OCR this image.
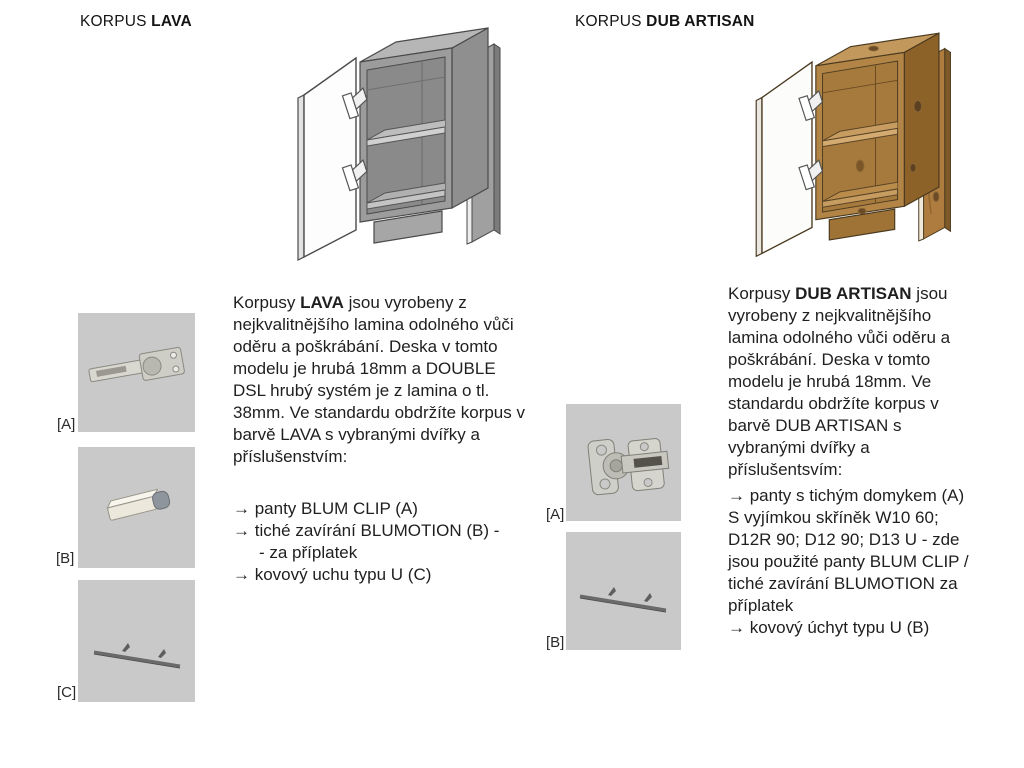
KORPUS LAVA
[A]
[B]
[C]
Korpusy LAVA jsou vyrobeny z nejkvalitnějšího lamina odolného vůči oděru a poškrábání. Deska v tomto modelu je hrubá 18mm a DOUBLE DSL hrubý systém je z lamina o tl. 38mm. Ve standardu obdržíte korpus v barvě LAVA s vybranými dvířky a příslušenstvím:
→ panty BLUM CLIP (A)
→ tiché zavírání BLUMOTION (B) -
- za příplatek
→ kovový uchu typu U (C)
KORPUS DUB ARTISAN
[A]
[B]
Korpusy DUB ARTISAN jsou vyrobeny z nejkvalitnějšího lamina odolného vůči oděru a poškrábání. Deska v tomto modelu je hrubá 18mm. Ve standardu obdržíte korpus v barvě DUB ARTISAN s vybranými dvířky a příslušentsvím:
→ panty s tichým domykem (A)
S vyjímkou skříněk W10 60;
D12R 90; D12 90; D13 U - zde
jsou použité panty BLUM CLIP /
tiché zavírání BLUMOTION za
příplatek
→ kovový úchyt typu U (B)
